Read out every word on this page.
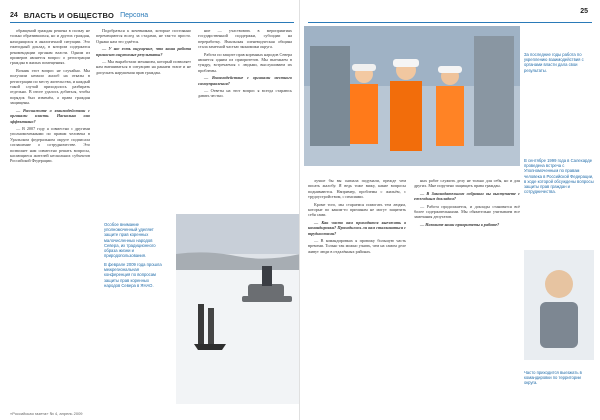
24 ВЛАСТЬ И ОБЩЕСТВО Персона

обращений граждан решена в пользу не только обратившихся, но и других граждан, находящихся в аналогичной ситуации. Это ежегодный доклад, в котором содержатся рекомендации органам власти. Одним из примеров является вопрос о регистрации граждан в жилых помещениях.

Возник этот вопрос не случайно. Мы получили немало жалоб на отказы в регистрации по месту жительства, и каждый такой случай приходилось разбирать отдельно. В итоге удалось добиться, чтобы порядок был изменён, а права граждан защищены.

— Расскажите о взаимодействии с органами власти. Насколько оно эффективно?

— В 2007 году я совместно с другими уполномоченными по правам человека в Уральском федеральном округе подписала соглашение о сотрудничестве. Это позволяет нам совместно решать вопросы, касающиеся жителей нескольких субъектов Российской Федерации.

Подобраться к кочевникам, которые постоянно перемещаются вслед за стадами, не так-то просто. Однако нам это удаётся.

— У вас есть ощущение, что ваша работа приносит ощутимые результаты?

— Мы выработали механизм, который позволяет нам вмешиваться в ситуацию на раннем этапе и не допускать нарушения прав граждан.

ние — участвовать в мероприятиях государственной поддержки, субсидии на переработку. Ямальская оленеводческая община стала заметной частью экономики округа.

Работа по защите прав коренных народов Севера является одним из приоритетов. Мы выезжаем в тундру, встречаемся с людьми, выслушиваем их проблемы.

— Взаимодействие с органами местного самоуправления?

— Ответы на этот вопрос я всегда стараюсь давать честно.

Особое внимание уполномоченный уделяет защите прав коренных малочисленных народов Севера, их традиционного образа жизни и природопользования.
В феврале 2009 года прошла межрегиональная конференция по вопросам защиты прав коренных народов Севера в ЯНАО.
«Российская газета» № 4, апрель 2009
25
За последние годы работа по укреплению взаимодействия с органами власти дала свои результаты.
В сентябре 1999 года в Салехарде проведена встреча с Уполномоченным по правам человека в Российской Федерации, в ходе которой обсуждены вопросы защиты прав граждан и сотрудничества.

лучше бы вы сначала подумали, прежде чем писать жалобу. Я ведь тоже вижу, какие вопросы поднимаются. Например, проблемы с жильём, с трудоустройством, с пенсиями.

Кроме того, мы стараемся помогать тем людям, которые по каким-то причинам не могут защитить себя сами.

— Как часто вам приходится выезжать в командировки? Приходилось ли вам сталкиваться с трудностями?

— В командировках я провожу большую часть времени. Только так можно узнать, чем на самом деле живут люди в отдалённых районах.

ных работ служить делу не только для себя, но и для других. Мне поручено защищать права граждан.

— В Законодательном собрании вы выступаете с ежегодным докладом?

— Работа продолжается, и доклады становятся всё более содержательными. Мы обязательно учитываем все замечания депутатов.

— Назовите ваши приоритеты в работе?

Часто приходится выезжать в командировки по территории округа.
